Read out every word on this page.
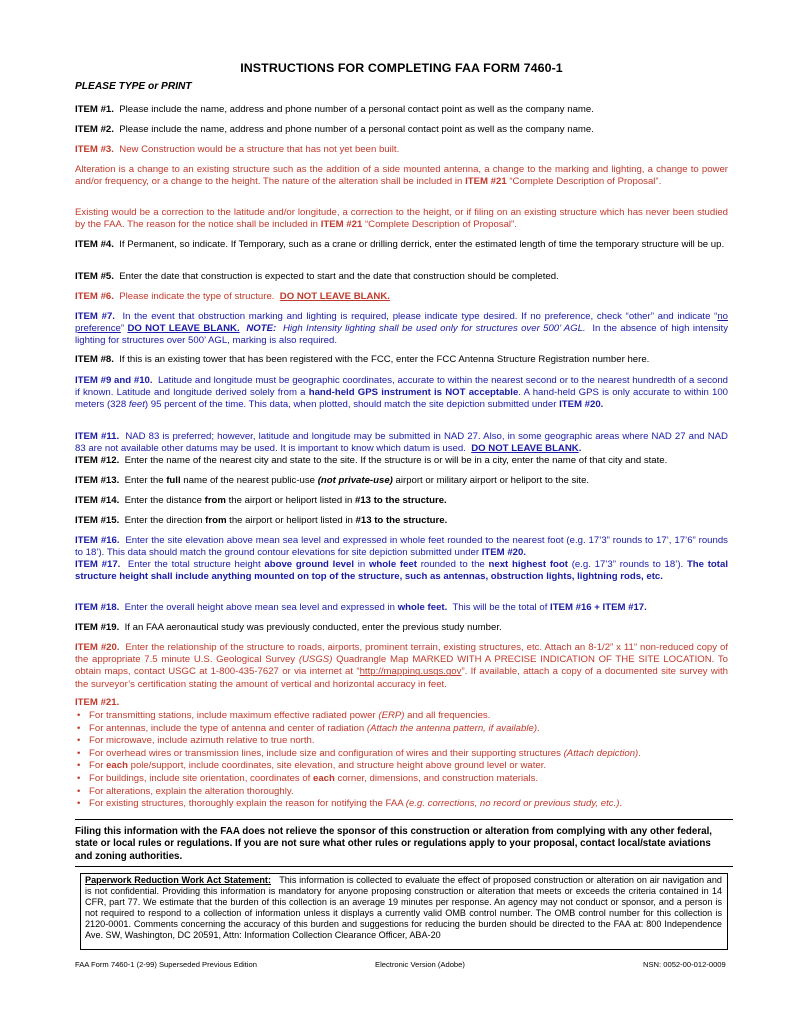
INSTRUCTIONS FOR COMPLETING FAA FORM 7460-1
PLEASE TYPE or PRINT
ITEM #1. Please include the name, address and phone number of a personal contact point as well as the company name.
ITEM #2. Please include the name, address and phone number of a personal contact point as well as the company name.
ITEM #3. New Construction would be a structure that has not yet been built.
Alteration is a change to an existing structure such as the addition of a side mounted antenna, a change to the marking and lighting, a change to power and/or frequency, or a change to the height. The nature of the alteration shall be included in ITEM #21 “Complete Description of Proposal”.
Existing would be a correction to the latitude and/or longitude, a correction to the height, or if filing on an existing structure which has never been studied by the FAA. The reason for the notice shall be included in ITEM #21 “Complete Description of Proposal”.
ITEM #4. If Permanent, so indicate. If Temporary, such as a crane or drilling derrick, enter the estimated length of time the temporary structure will be up.
ITEM #5. Enter the date that construction is expected to start and the date that construction should be completed.
ITEM #6. Please indicate the type of structure. DO NOT LEAVE BLANK.
ITEM #7. In the event that obstruction marking and lighting is required, please indicate type desired. If no preference, check “other” and indicate “no preference” DO NOT LEAVE BLANK. NOTE: High Intensity lighting shall be used only for structures over 500’ AGL. In the absence of high intensity lighting for structures over 500’ AGL, marking is also required.
ITEM #8. If this is an existing tower that has been registered with the FCC, enter the FCC Antenna Structure Registration number here.
ITEM #9 and #10. Latitude and longitude must be geographic coordinates, accurate to within the nearest second or to the nearest hundredth of a second if known. Latitude and longitude derived solely from a hand-held GPS instrument is NOT acceptable. A hand-held GPS is only accurate to within 100 meters (328 feet) 95 percent of the time. This data, when plotted, should match the site depiction submitted under ITEM #20.
ITEM #11. NAD 83 is preferred; however, latitude and longitude may be submitted in NAD 27. Also, in some geographic areas where NAD 27 and NAD 83 are not available other datums may be used. It is important to know which datum is used. DO NOT LEAVE BLANK.
ITEM #12. Enter the name of the nearest city and state to the site. If the structure is or will be in a city, enter the name of that city and state.
ITEM #13. Enter the full name of the nearest public-use (not private-use) airport or military airport or heliport to the site.
ITEM #14. Enter the distance from the airport or heliport listed in #13 to the structure.
ITEM #15. Enter the direction from the airport or heliport listed in #13 to the structure.
ITEM #16. Enter the site elevation above mean sea level and expressed in whole feet rounded to the nearest foot (e.g. 17’3” rounds to 17’, 17’6” rounds to 18’). This data should match the ground contour elevations for site depiction submitted under ITEM #20.
ITEM #17. Enter the total structure height above ground level in whole feet rounded to the next highest foot (e.g. 17’3” rounds to 18’). The total structure height shall include anything mounted on top of the structure, such as antennas, obstruction lights, lightning rods, etc.
ITEM #18. Enter the overall height above mean sea level and expressed in whole feet. This will be the total of ITEM #16 + ITEM #17.
ITEM #19. If an FAA aeronautical study was previously conducted, enter the previous study number.
ITEM #20. Enter the relationship of the structure to roads, airports, prominent terrain, existing structures, etc. Attach an 8-1/2” x 11” non-reduced copy of the appropriate 7.5 minute U.S. Geological Survey (USGS) Quadrangle Map MARKED WITH A PRECISE INDICATION OF THE SITE LOCATION. To obtain maps, contact USGC at 1-800-435-7627 or via internet at “http://mapping.usgs.gov”. If available, attach a copy of a documented site survey with the surveyor’s certification stating the amount of vertical and horizontal accuracy in feet.
ITEM #21.
• For transmitting stations, include maximum effective radiated power (ERP) and all frequencies.
• For antennas, include the type of antenna and center of radiation (Attach the antenna pattern, if available).
• For microwave, include azimuth relative to true north.
• For overhead wires or transmission lines, include size and configuration of wires and their supporting structures (Attach depiction).
• For each pole/support, include coordinates, site elevation, and structure height above ground level or water.
• For buildings, include site orientation, coordinates of each corner, dimensions, and construction materials.
• For alterations, explain the alteration thoroughly.
• For existing structures, thoroughly explain the reason for notifying the FAA (e.g. corrections, no record or previous study, etc.).
Filing this information with the FAA does not relieve the sponsor of this construction or alteration from complying with any other federal, state or local rules or regulations. If you are not sure what other rules or regulations apply to your proposal, contact local/state aviations and zoning authorities.
Paperwork Reduction Work Act Statement: This information is collected to evaluate the effect of proposed construction or alteration on air navigation and is not confidential. Providing this information is mandatory for anyone proposing construction or alteration that meets or exceeds the criteria contained in 14 CFR, part 77. We estimate that the burden of this collection is an average 19 minutes per response. An agency may not conduct or sponsor, and a person is not required to respond to a collection of information unless it displays a currently valid OMB control number. The OMB control number for this collection is 2120-0001. Comments concerning the accuracy of this burden and suggestions for reducing the burden should be directed to the FAA at: 800 Independence Ave. SW, Washington, DC 20591, Attn: Information Collection Clearance Officer, ABA-20
FAA Form 7460-1 (2-99) Superseded Previous Edition	Electronic Version (Adobe)	NSN: 0052-00-012-0009
